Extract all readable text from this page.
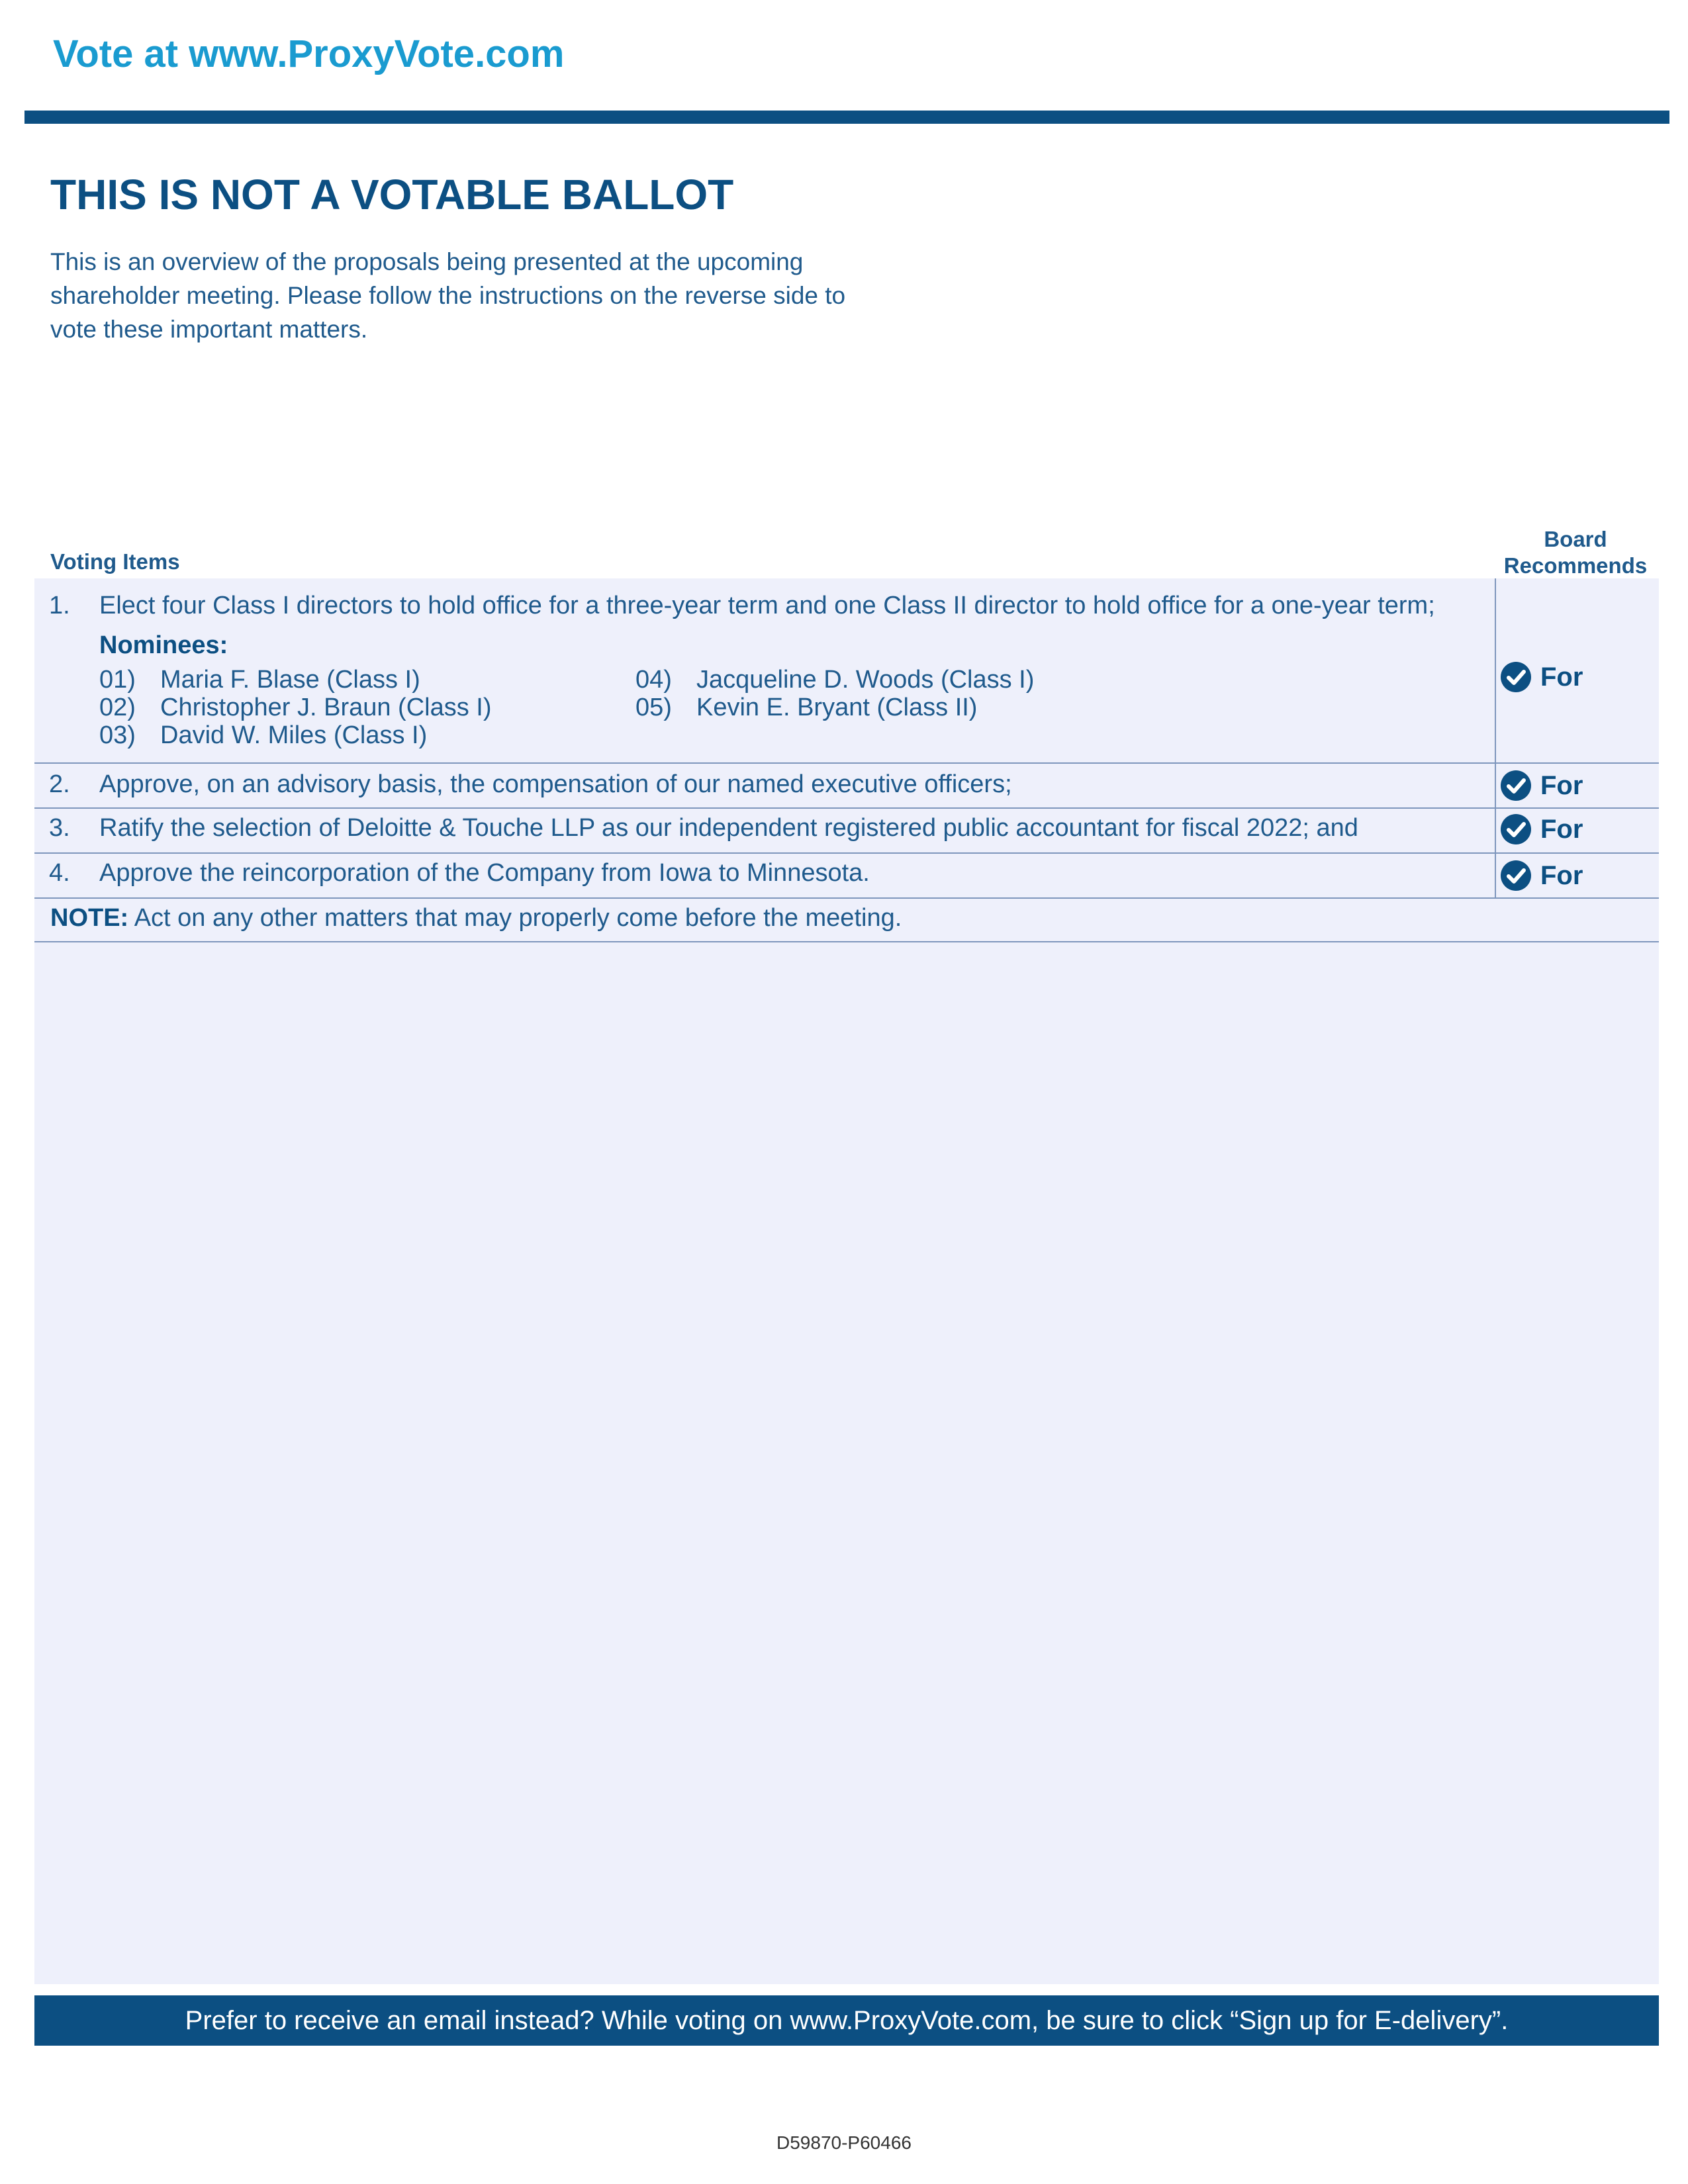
Vote at www.ProxyVote.com
THIS IS NOT A VOTABLE BALLOT
This is an overview of the proposals being presented at the upcoming shareholder meeting. Please follow the instructions on the reverse side to vote these important matters.
Voting Items
Board Recommends
1. Elect four Class I directors to hold office for a three-year term and one Class II director to hold office for a one-year term;
Nominees:
01) Maria F. Blase (Class I)
02) Christopher J. Braun (Class I)
03) David W. Miles (Class I)
04) Jacqueline D. Woods (Class I)
05) Kevin E. Bryant (Class II)
For
2. Approve, on an advisory basis, the compensation of our named executive officers;	For
3. Ratify the selection of Deloitte & Touche LLP as our independent registered public accountant for fiscal 2022; and	For
4. Approve the reincorporation of the Company from Iowa to Minnesota.	For
NOTE: Act on any other matters that may properly come before the meeting.
Prefer to receive an email instead? While voting on www.ProxyVote.com, be sure to click “Sign up for E-delivery”.
D59870-P60466
